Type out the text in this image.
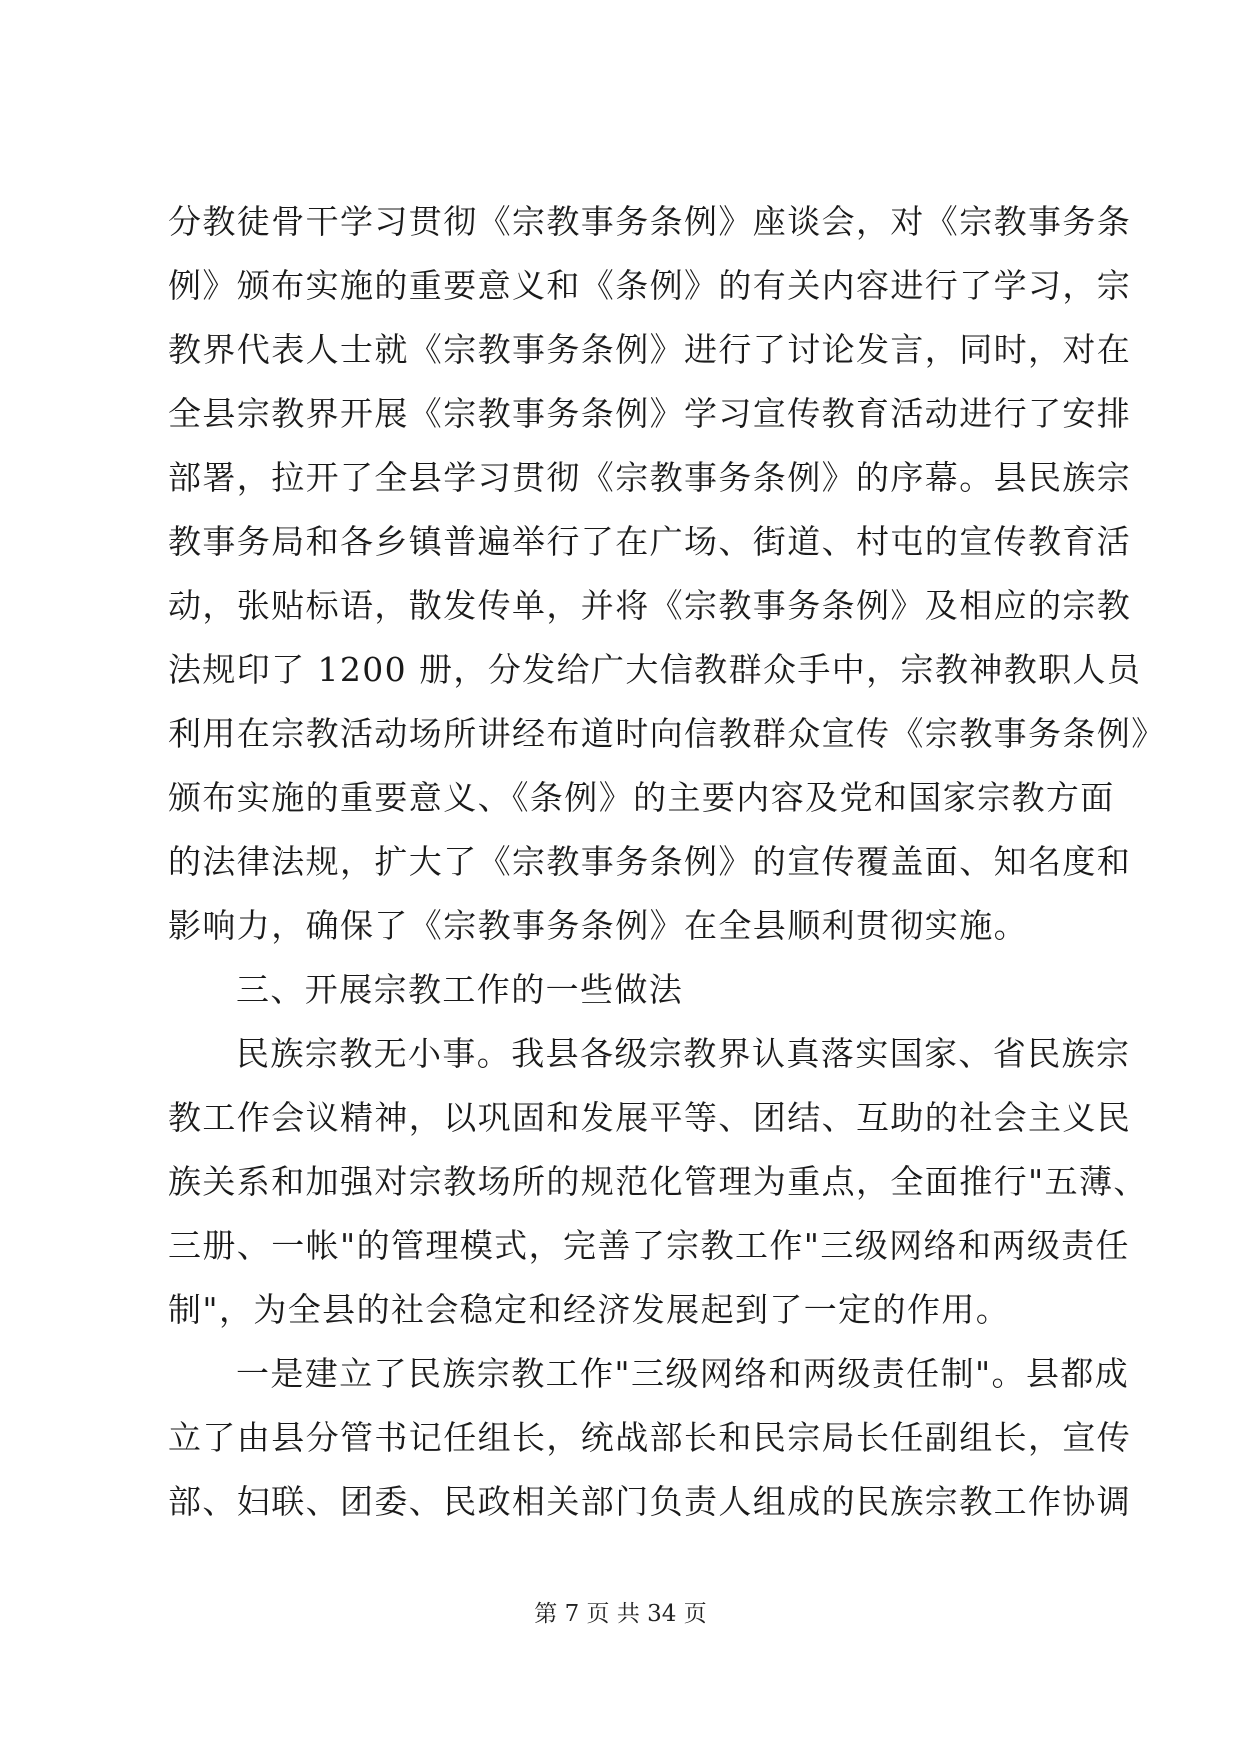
分教徒骨干学习贯彻《宗教事务条例》座谈会，对《宗教事务条
例》颁布实施的重要意义和《条例》的有关内容进行了学习，宗
教界代表人士就《宗教事务条例》进行了讨论发言，同时，对在
全县宗教界开展《宗教事务条例》学习宣传教育活动进行了安排
部署，拉开了全县学习贯彻《宗教事务条例》的序幕。县民族宗
教事务局和各乡镇普遍举行了在广场、街道、村屯的宣传教育活
动，张贴标语，散发传单，并将《宗教事务条例》及相应的宗教
法规印了 1200 册，分发给广大信教群众手中，宗教神教职人员
利用在宗教活动场所讲经布道时向信教群众宣传《宗教事务条例》
颁布实施的重要意义、《条例》的主要内容及党和国家宗教方面
的法律法规，扩大了《宗教事务条例》的宣传覆盖面、知名度和
影响力，确保了《宗教事务条例》在全县顺利贯彻实施。
三、开展宗教工作的一些做法
民族宗教无小事。我县各级宗教界认真落实国家、省民族宗
教工作会议精神，以巩固和发展平等、团结、互助的社会主义民
族关系和加强对宗教场所的规范化管理为重点，全面推行"五薄、
三册、一帐"的管理模式，完善了宗教工作"三级网络和两级责任
制"，为全县的社会稳定和经济发展起到了一定的作用。
一是建立了民族宗教工作"三级网络和两级责任制"。县都成
立了由县分管书记任组长，统战部长和民宗局长任副组长，宣传
部、妇联、团委、民政相关部门负责人组成的民族宗教工作协调
第 7 页 共 34 页
